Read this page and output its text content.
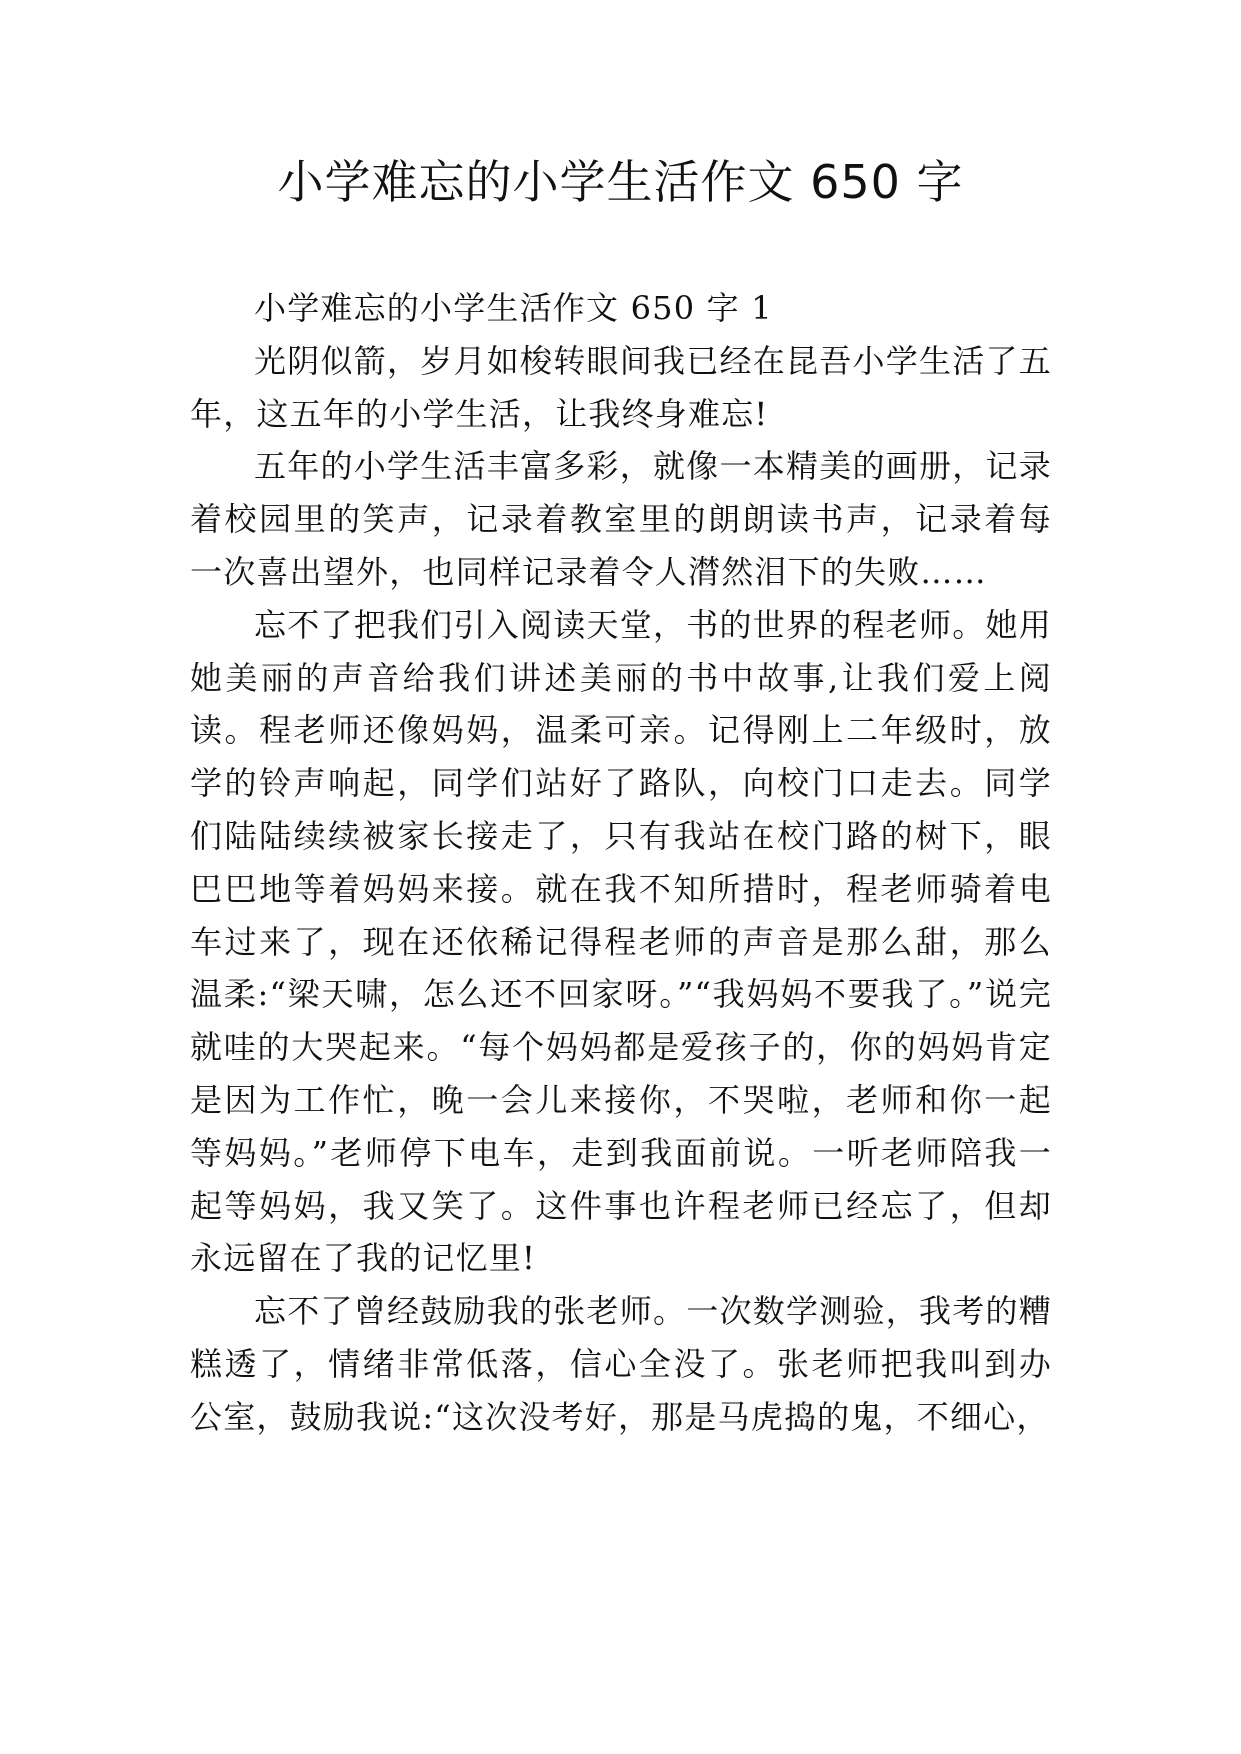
小学难忘的小学生活作文 650 字

小学难忘的小学生活作文 650 字 1

光阴似箭，岁月如梭转眼间我已经在昆吾小学生活了五年，这五年的小学生活，让我终身难忘!

五年的小学生活丰富多彩，就像一本精美的画册，记录着校园里的笑声，记录着教室里的朗朗读书声，记录着每一次喜出望外，也同样记录着令人潸然泪下的失败……

忘不了把我们引入阅读天堂，书的世界的程老师。她用她美丽的声音给我们讲述美丽的书中故事,让我们爱上阅读。程老师还像妈妈，温柔可亲。记得刚上二年级时，放学的铃声响起，同学们站好了路队，向校门口走去。同学们陆陆续续被家长接走了，只有我站在校门路的树下，眼巴巴地等着妈妈来接。就在我不知所措时，程老师骑着电车过来了，现在还依稀记得程老师的声音是那么甜，那么温柔:“梁天啸，怎么还不回家呀。”“我妈妈不要我了。”说完就哇的大哭起来。“每个妈妈都是爱孩子的，你的妈妈肯定是因为工作忙，晚一会儿来接你，不哭啦，老师和你一起等妈妈。”老师停下电车，走到我面前说。一听老师陪我一起等妈妈，我又笑了。这件事也许程老师已经忘了，但却永远留在了我的记忆里!

忘不了曾经鼓励我的张老师。一次数学测验，我考的糟糕透了，情绪非常低落，信心全没了。张老师把我叫到办公室，鼓励我说:“这次没考好，那是马虎捣的鬼，不细心，
